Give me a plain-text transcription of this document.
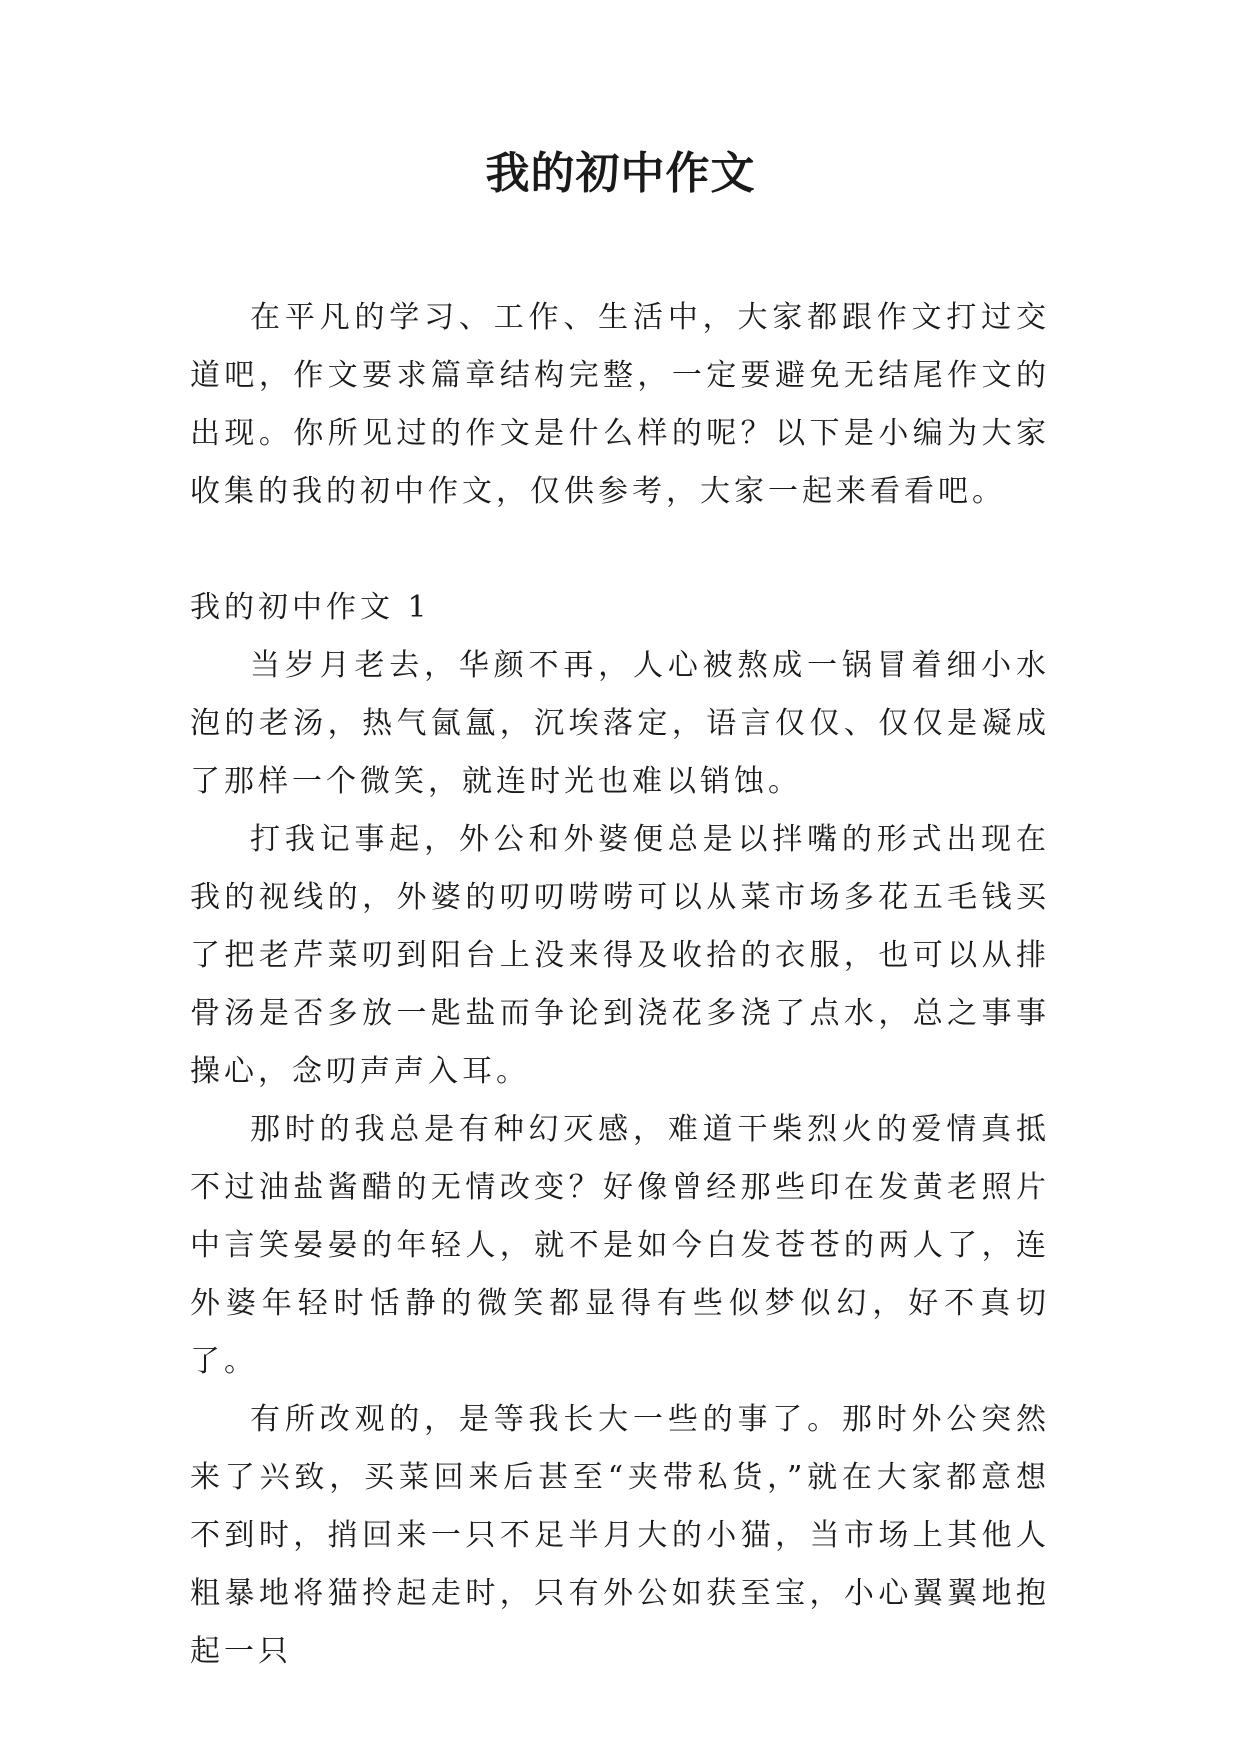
我的初中作文

在平凡的学习、工作、生活中，大家都跟作文打过交道吧，作文要求篇章结构完整，一定要避免无结尾作文的出现。你所见过的作文是什么样的呢？以下是小编为大家收集的我的初中作文，仅供参考，大家一起来看看吧。

我的初中作文 1

当岁月老去，华颜不再，人心被熬成一锅冒着细小水泡的老汤，热气氤氲，沉埃落定，语言仅仅、仅仅是凝成了那样一个微笑，就连时光也难以销蚀。

打我记事起，外公和外婆便总是以拌嘴的形式出现在我的视线的，外婆的叨叨唠唠可以从菜市场多花五毛钱买了把老芹菜叨到阳台上没来得及收拾的衣服，也可以从排骨汤是否多放一匙盐而争论到浇花多浇了点水，总之事事操心，念叨声声入耳。

那时的我总是有种幻灭感，难道干柴烈火的爱情真抵不过油盐酱醋的无情改变？好像曾经那些印在发黄老照片中言笑晏晏的年轻人，就不是如今白发苍苍的两人了，连外婆年轻时恬静的微笑都显得有些似梦似幻，好不真切了。

有所改观的，是等我长大一些的事了。那时外公突然来了兴致，买菜回来后甚至“夹带私货，”就在大家都意想不到时，捎回来一只不足半月大的小猫，当市场上其他人粗暴地将猫拎起走时，只有外公如获至宝，小心翼翼地抱起一只
